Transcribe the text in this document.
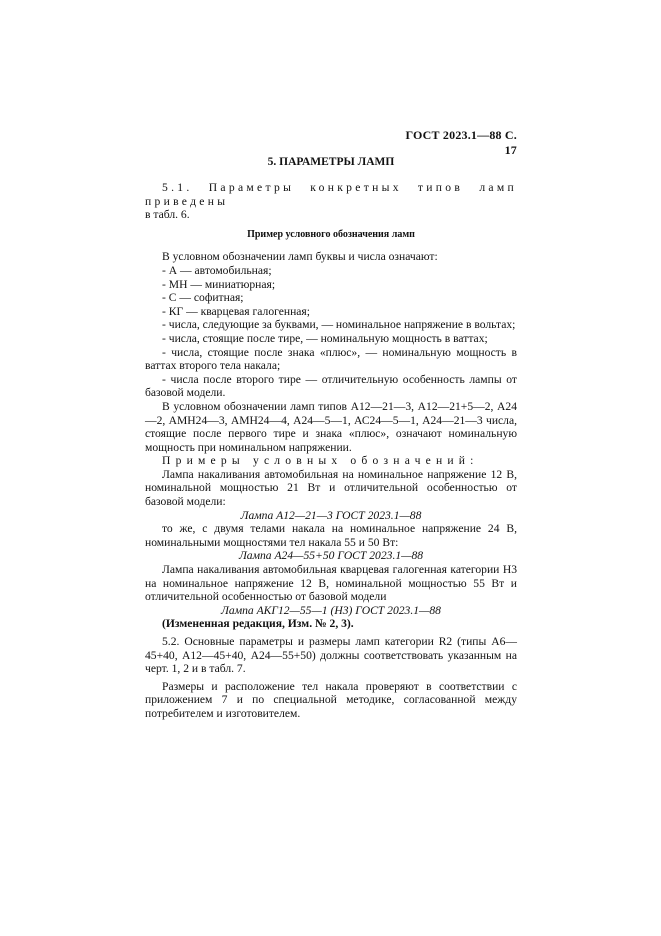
ГОСТ 2023.1—88 С. 17
5. ПАРАМЕТРЫ ЛАМП

5.1. Параметры конкретных типов ламп приведены

в табл. 6.

Пример условного обозначения ламп

В условном обозначении ламп буквы и числа означают:

- А — автомобильная;

- МН — миниатюрная;

- С — софитная;

- КГ — кварцевая галогенная;

- числа, следующие за буквами, — номинальное напряжение в вольтах;

- числа, стоящие после тире, — номинальную мощность в ваттах;

- числа, стоящие после знака «плюс», — номинальную мощность в ваттах второго тела накала;

- числа после второго тире — отличительную особенность лампы от базовой модели.

В условном обозначении ламп типов А12—21—3, А12—21+5—2, А24—2, АМН24—3, АМН24—4, А24—5—1, АС24—5—1, А24—21—3 числа, стоящие после первого тире и знака «плюс», означают номинальную мощность при номинальном напряжении.

Примеры условных обозначений:

Лампа накаливания автомобильная на номинальное напряжение 12 В, номинальной мощностью 21 Вт и отличительной особенностью от базовой модели:

Лампа А12—21—3 ГОСТ 2023.1—88

то же, с двумя телами накала на номинальное напряжение 24 В, номинальными мощностями тел накала 55 и 50 Вт:

Лампа А24—55+50 ГОСТ 2023.1—88

Лампа накаливания автомобильная кварцевая галогенная категории Н3 на номинальное напряжение 12 В, номинальной мощностью 55 Вт и отличительной особенностью от базовой модели

Лампа АКГ12—55—1 (Н3) ГОСТ 2023.1—88

(Измененная редакция, Изм. № 2, 3).

5.2. Основные параметры и размеры ламп категории R2 (типы А6—45+40, А12—45+40, А24—55+50) должны соответствовать указанным на черт. 1, 2 и в табл. 7.

Размеры и расположение тел накала проверяют в соответствии с приложением 7 и по специальной методике, согласованной между потребителем и изготовителем.
